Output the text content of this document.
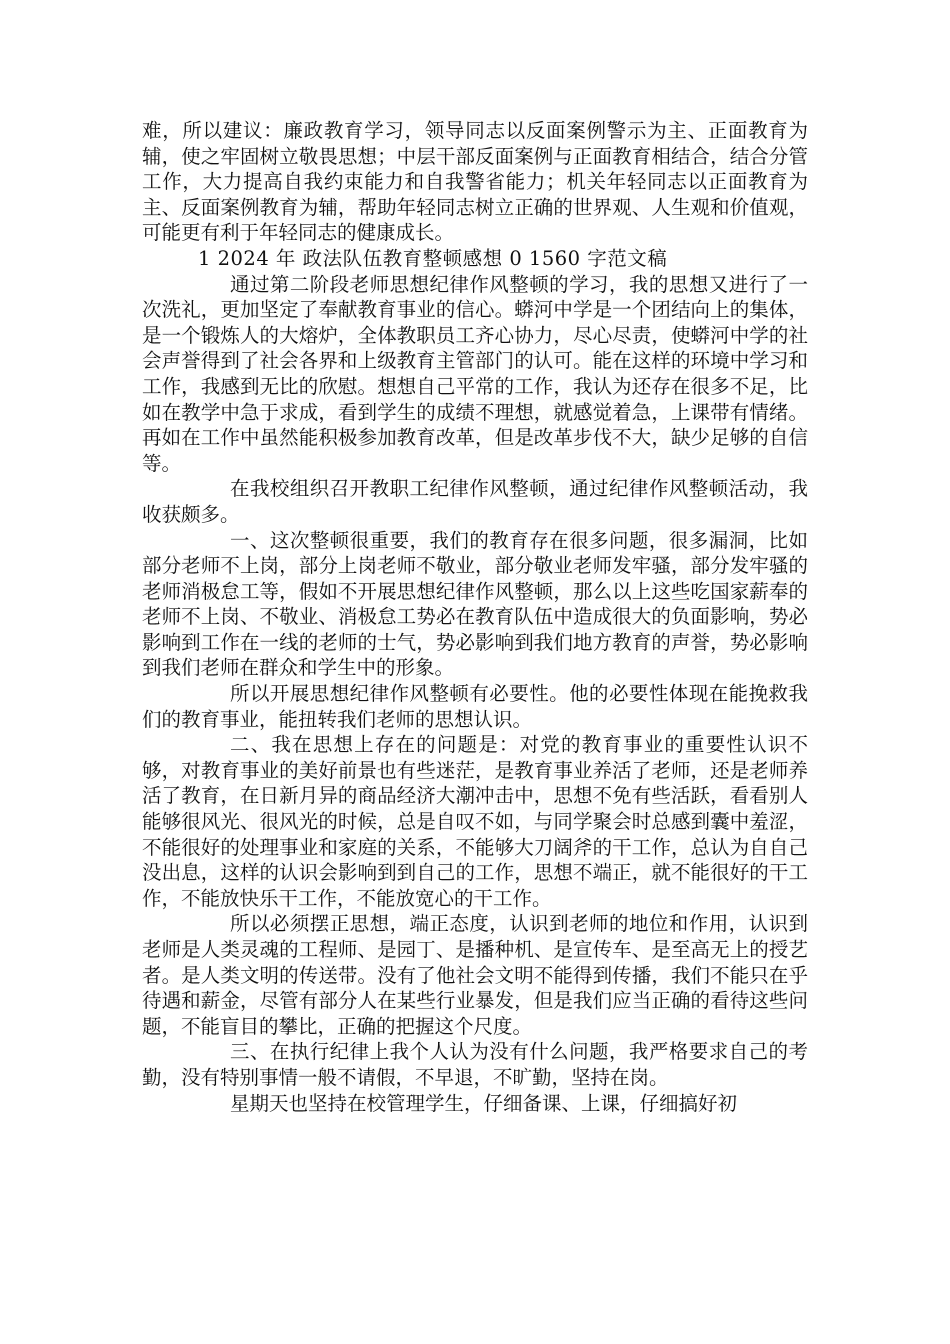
难，所以建议：廉政教育学习，领导同志以反面案例警示为主、正面教育为辅，使之牢固树立敬畏思想；中层干部反面案例与正面教育相结合，结合分管工作，大力提高自我约束能力和自我警省能力；机关年轻同志以正面教育为主、反面案例教育为辅，帮助年轻同志树立正确的世界观、人生观和价值观，可能更有利于年轻同志的健康成长。

1 2024 年 政法队伍教育整顿感想 0 1560 字范文稿

通过第二阶段老师思想纪律作风整顿的学习，我的思想又进行了一次洗礼，更加坚定了奉献教育事业的信心。蟒河中学是一个团结向上的集体，是一个锻炼人的大熔炉，全体教职员工齐心协力，尽心尽责，使蟒河中学的社会声誉得到了社会各界和上级教育主管部门的认可。能在这样的环境中学习和工作，我感到无比的欣慰。想想自己平常的工作，我认为还存在很多不足，比如在教学中急于求成，看到学生的成绩不理想，就感觉着急，上课带有情绪。再如在工作中虽然能积极参加教育改革，但是改革步伐不大，缺少足够的自信等。

在我校组织召开教职工纪律作风整顿，通过纪律作风整顿活动，我收获颇多。

一、这次整顿很重要，我们的教育存在很多问题，很多漏洞，比如部分老师不上岗，部分上岗老师不敬业，部分敬业老师发牢骚，部分发牢骚的老师消极怠工等，假如不开展思想纪律作风整顿，那么以上这些吃国家薪奉的老师不上岗、不敬业、消极怠工势必在教育队伍中造成很大的负面影响，势必影响到工作在一线的老师的士气，势必影响到我们地方教育的声誉，势必影响到我们老师在群众和学生中的形象。

所以开展思想纪律作风整顿有必要性。他的必要性体现在能挽救我们的教育事业，能扭转我们老师的思想认识。

二、我在思想上存在的问题是：对党的教育事业的重要性认识不够，对教育事业的美好前景也有些迷茫，是教育事业养活了老师，还是老师养活了教育，在日新月异的商品经济大潮冲击中，思想不免有些活跃，看看别人能够很风光、很风光的时候，总是自叹不如，与同学聚会时总感到囊中羞涩，不能很好的处理事业和家庭的关系，不能够大刀阔斧的干工作，总认为自自己没出息，这样的认识会影响到到自己的工作，思想不端正，就不能很好的干工作，不能放快乐干工作，不能放宽心的干工作。

所以必须摆正思想，端正态度，认识到老师的地位和作用，认识到老师是人类灵魂的工程师、是园丁、是播种机、是宣传车、是至高无上的授艺者。是人类文明的传送带。没有了他社会文明不能得到传播，我们不能只在乎待遇和薪金，尽管有部分人在某些行业暴发，但是我们应当正确的看待这些问题，不能盲目的攀比，正确的把握这个尺度。

三、在执行纪律上我个人认为没有什么问题，我严格要求自己的考勤，没有特别事情一般不请假，不早退，不旷勤，坚持在岗。

星期天也坚持在校管理学生，仔细备课、上课，仔细搞好初
